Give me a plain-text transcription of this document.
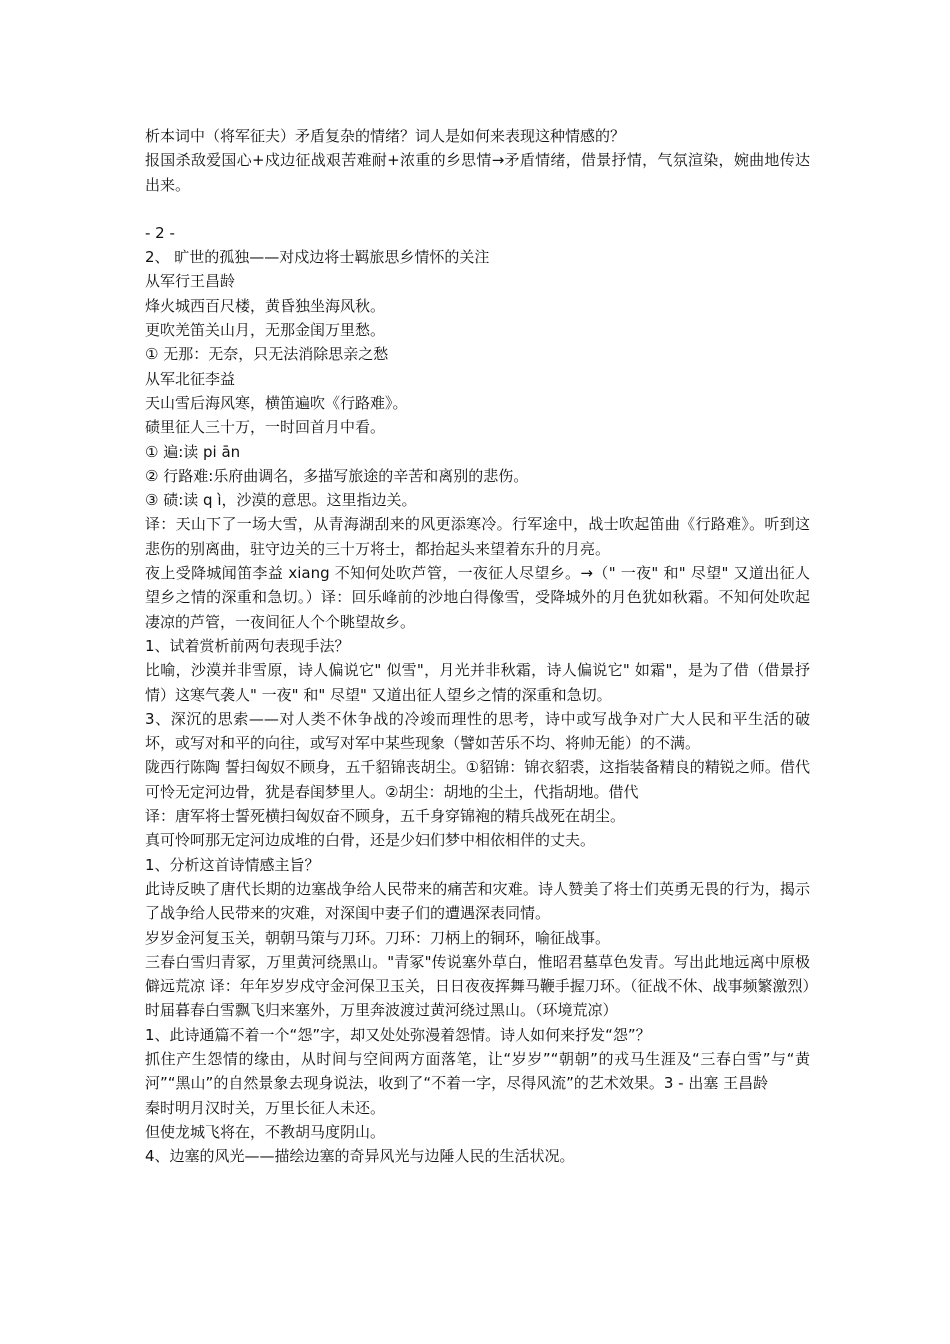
析本词中（将军征夫）矛盾复杂的情绪？词人是如何来表现这种情感的？

报国杀敌爱国心+戍边征战艰苦难耐+浓重的乡思情→矛盾情绪，借景抒情，气氛渲染，婉曲地传达出来。

- 2 -

2、 旷世的孤独——对戍边将士羁旅思乡情怀的关注

从军行王昌龄

烽火城西百尺楼，黄昏独坐海风秋。

更吹羌笛关山月，无那金闺万里愁。

① 无那：无奈，只无法消除思亲之愁

从军北征李益

天山雪后海风寒，横笛遍吹《行路难》。

碛里征人三十万，一时回首月中看。

① 遍:读 pi ān

② 行路难:乐府曲调名，多描写旅途的辛苦和离别的悲伤。

③ 碛:读 q ì，沙漠的意思。这里指边关。

译：天山下了一场大雪，从青海湖刮来的风更添寒冷。行军途中，战士吹起笛曲《行路难》。听到这悲伤的别离曲，驻守边关的三十万将士，都抬起头来望着东升的月亮。

夜上受降城闻笛李益 xiang 不知何处吹芦管，一夜征人尽望乡。→（" 一夜" 和" 尽望" 又道出征人望乡之情的深重和急切。）译：回乐峰前的沙地白得像雪，受降城外的月色犹如秋霜。不知何处吹起凄凉的芦管，一夜间征人个个眺望故乡。

1、试着赏析前两句表现手法？

比喻，沙漠并非雪原，诗人偏说它" 似雪"，月光并非秋霜，诗人偏说它" 如霜"，是为了借（借景抒情）这寒气袭人" 一夜" 和" 尽望" 又道出征人望乡之情的深重和急切。

3、深沉的思索——对人类不休争战的冷竣而理性的思考，诗中或写战争对广大人民和平生活的破坏，或写对和平的向往，或写对军中某些现象（譬如苦乐不均、将帅无能）的不满。

陇西行陈陶 誓扫匈奴不顾身，五千貂锦丧胡尘。①貂锦：锦衣貂裘，这指装备精良的精锐之师。借代 可怜无定河边骨，犹是春闺梦里人。②胡尘：胡地的尘土，代指胡地。借代

译：唐军将士誓死横扫匈奴奋不顾身，五千身穿锦袍的精兵战死在胡尘。

真可怜呵那无定河边成堆的白骨，还是少妇们梦中相依相伴的丈夫。

1、分析这首诗情感主旨？

此诗反映了唐代长期的边塞战争给人民带来的痛苦和灾难。诗人赞美了将士们英勇无畏的行为，揭示了战争给人民带来的灾难，对深闺中妻子们的遭遇深表同情。

岁岁金河复玉关，朝朝马策与刀环。刀环：刀柄上的铜环，喻征战事。

三春白雪归青冢，万里黄河绕黑山。"青冢"传说塞外草白，惟昭君墓草色发青。写出此地远离中原极僻远荒凉 译：年年岁岁戍守金河保卫玉关，日日夜夜挥舞马鞭手握刀环。（征战不休、战事频繁激烈）时届暮春白雪飘飞归来塞外，万里奔波渡过黄河绕过黑山。（环境荒凉）

1、此诗通篇不着一个“怨”字，却又处处弥漫着怨情。诗人如何来抒发“怨”？

抓住产生怨情的缘由，从时间与空间两方面落笔，让“岁岁”“朝朝”的戎马生涯及“三春白雪”与“黄河”“黑山”的自然景象去现身说法，收到了“不着一字，尽得风流”的艺术效果。3 - 出塞 王昌龄

秦时明月汉时关，万里长征人未还。

但使龙城飞将在，不教胡马度阴山。

4、边塞的风光——描绘边塞的奇异风光与边陲人民的生活状况。
